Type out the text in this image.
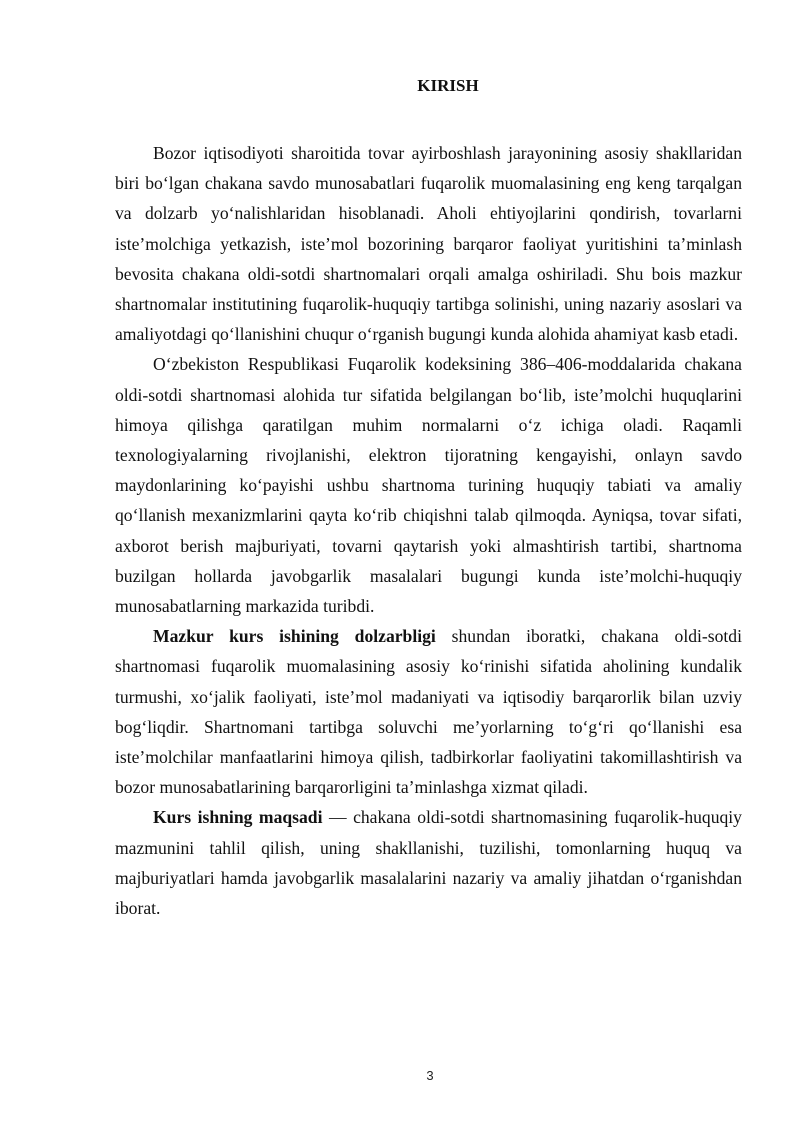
KIRISH

Bozor iqtisodiyoti sharoitida tovar ayirboshlash jarayonining asosiy shakllaridan biri boʻlgan chakana savdo munosabatlari fuqarolik muomalasining eng keng tarqalgan va dolzarb yoʻnalishlaridan hisoblanadi. Aholi ehtiyojlarini qondirish, tovarlarni isteʼmolchiga yetkazish, isteʼmol bozorining barqaror faoliyat yuritishini taʼminlash bevosita chakana oldi-sotdi shartnomalari orqali amalga oshiriladi. Shu bois mazkur shartnomalar institutining fuqarolik-huquqiy tartibga solinishi, uning nazariy asoslari va amaliyotdagi qoʻllanishini chuqur oʻrganish bugungi kunda alohida ahamiyat kasb etadi.

Oʻzbekiston Respublikasi Fuqarolik kodeksining 386–406-moddalarida chakana oldi-sotdi shartnomasi alohida tur sifatida belgilangan boʻlib, isteʼmolchi huquqlarini himoya qilishga qaratilgan muhim normalarni oʻz ichiga oladi. Raqamli texnologiyalarning rivojlanishi, elektron tijoratning kengayishi, onlayn savdo maydonlarining koʻpayishi ushbu shartnoma turining huquqiy tabiati va amaliy qoʻllanish mexanizmlarini qayta koʻrib chiqishni talab qilmoqda. Ayniqsa, tovar sifati, axborot berish majburiyati, tovarni qaytarish yoki almashtirish tartibi, shartnoma buzilgan hollarda javobgarlik masalalari bugungi kunda isteʼmolchi-huquqiy munosabatlarning markazida turibdi.

Mazkur kurs ishining dolzarbligi shundan iboratki, chakana oldi-sotdi shartnomasi fuqarolik muomalasining asosiy koʻrinishi sifatida aholining kundalik turmushi, xoʻjalik faoliyati, isteʼmol madaniyati va iqtisodiy barqarorlik bilan uzviy bogʻliqdir. Shartnomani tartibga soluvchi meʼyorlarning toʻgʻri qoʻllanishi esa isteʼmolchilar manfaatlarini himoya qilish, tadbirkorlar faoliyatini takomillashtirish va bozor munosabatlarining barqarorligini taʼminlashga xizmat qiladi.

Kurs ishning maqsadi — chakana oldi-sotdi shartnomasining fuqarolik-huquqiy mazmunini tahlil qilish, uning shakllanishi, tuzilishi, tomonlarning huquq va majburiyatlari hamda javobgarlik masalalarini nazariy va amaliy jihatdan oʻrganishdan iborat.

3
